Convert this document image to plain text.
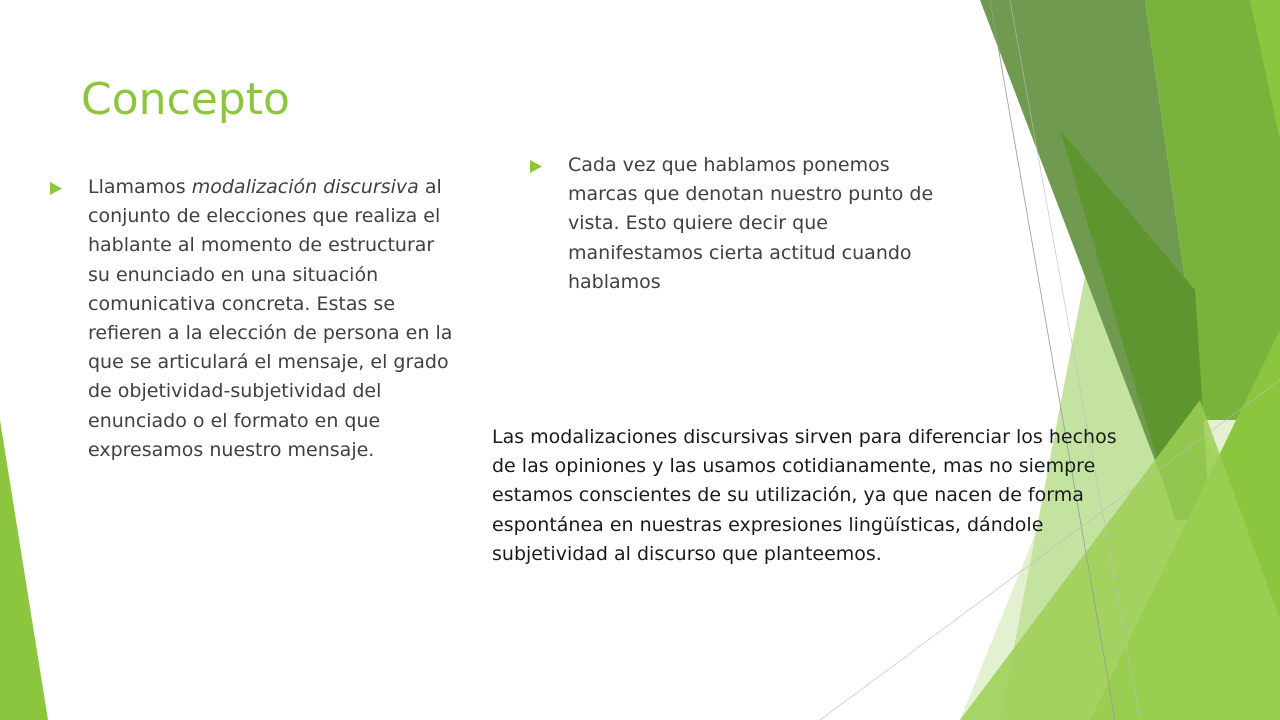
Concepto
Llamamos modalización discursiva al conjunto de elecciones que realiza el hablante al momento de estructurar su enunciado en una situación comunicativa concreta. Estas se refieren a la elección de persona en la que se articulará el mensaje, el grado de objetividad-subjetividad del enunciado o el formato en que expresamos nuestro mensaje.
Cada vez que hablamos ponemos marcas que denotan nuestro punto de vista. Esto quiere decir que manifestamos cierta actitud cuando hablamos

Las modalizaciones discursivas sirven para diferenciar los hechos de las opiniones y las usamos cotidianamente, mas no siempre estamos conscientes de su utilización, ya que nacen de forma espontánea en nuestras expresiones lingüísticas, dándole subjetividad al discurso que planteemos.
